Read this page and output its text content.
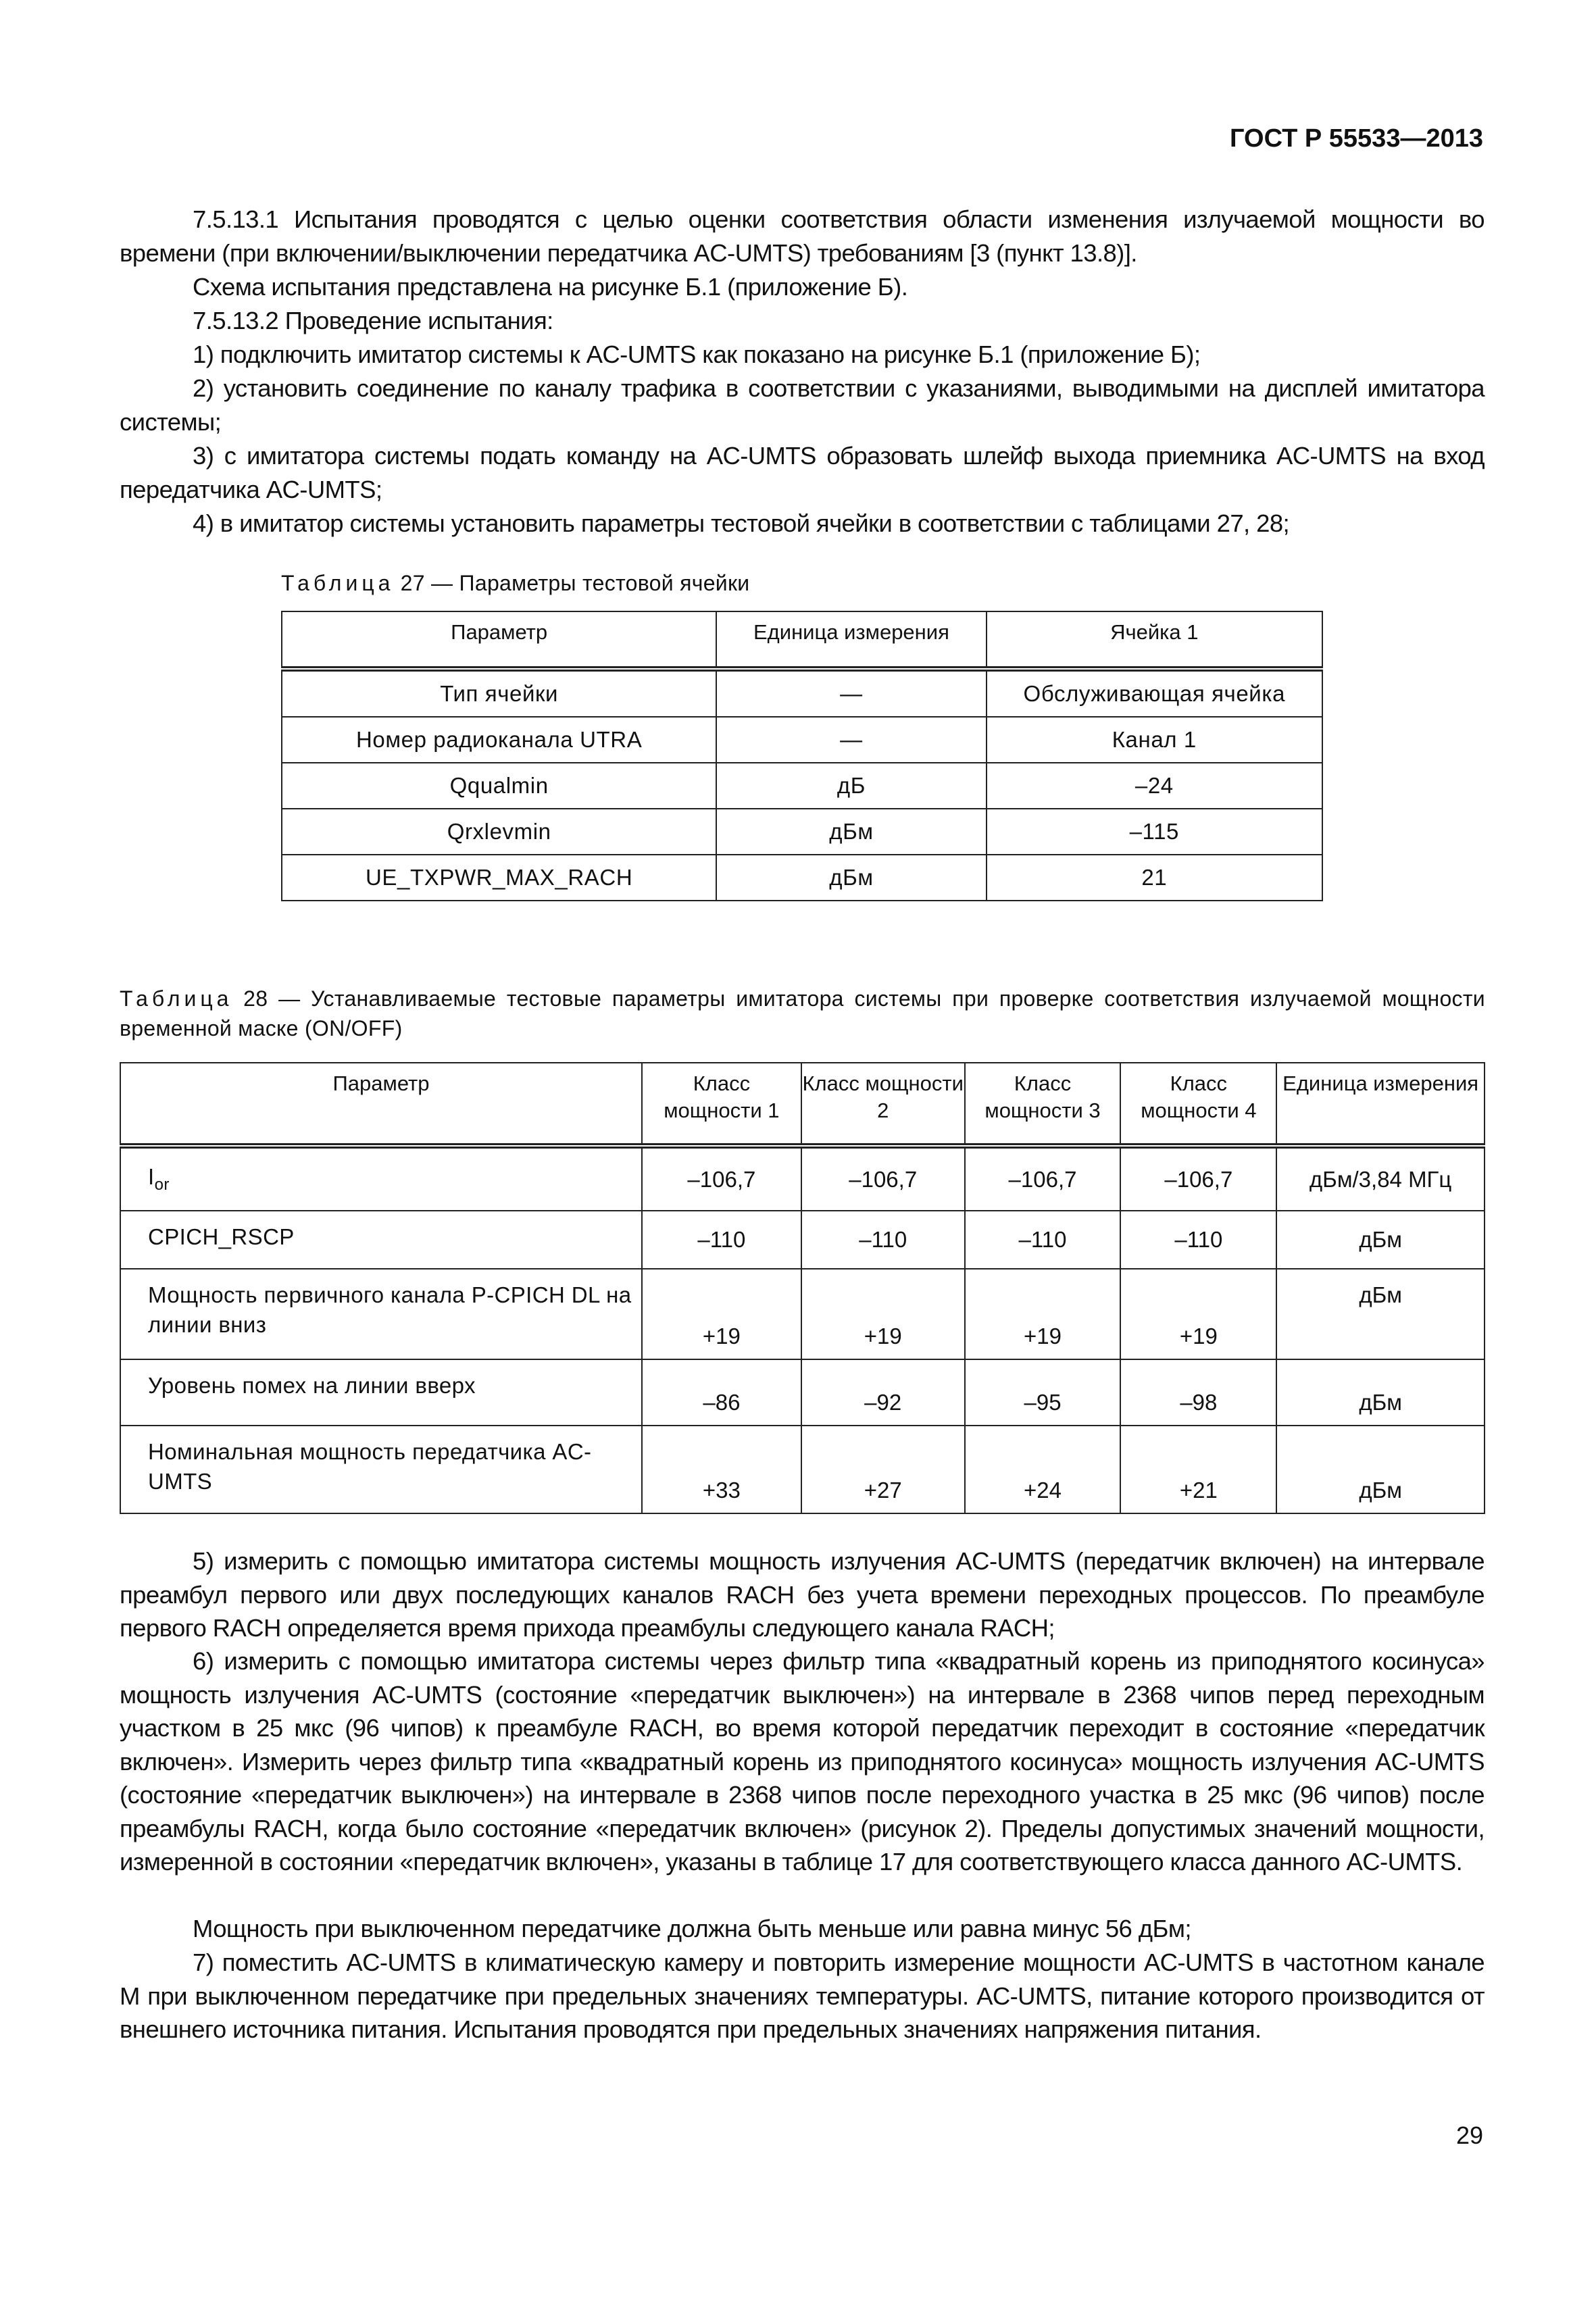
ГОСТ Р 55533—2013

7.5.13.1 Испытания проводятся с целью оценки соответствия области изменения излучаемой мощности во времени (при включении/выключении передатчика AC-UMTS) требованиям [3 (пункт 13.8)].

Схема испытания представлена на рисунке Б.1 (приложение Б).

7.5.13.2 Проведение испытания:

1) подключить имитатор системы к AC-UMTS как показано на рисунке Б.1 (приложение Б);

2) установить соединение по каналу трафика в соответствии с указаниями, выводимыми на дисплей имитатора системы;

3) с имитатора системы подать команду на AC-UMTS образовать шлейф выхода приемника AC-UMTS на вход передатчика AC-UMTS;

4) в имитатор системы установить параметры тестовой ячейки в соответствии с таблицами 27, 28;

Таблица 27 — Параметры тестовой ячейки

Параметр	Единица измерения	Ячейка 1
Тип ячейки	—	Обслуживающая ячейка
Номер радиоканала UTRA	—	Канал 1
Qqualmin	дБ	–24
Qrxlevmin	дБм	–115
UE_TXPWR_MAX_RACH	дБм	21

Таблица 28 — Устанавливаемые тестовые параметры имитатора системы при проверке соответствия излучаемой мощности временной маске (ON/OFF)

Параметр	Класс мощности 1	Класс мощности 2	Класс мощности 3	Класс мощности 4	Единица измерения
$I_{or}$	–106,7	–106,7	–106,7	–106,7	дБм/3,84 МГц
CPICH_RSCP	–110	–110	–110	–110	дБм
Мощность первичного канала P-CPICH DL на линии вниз	+19	+19	+19	+19	дБм
Уровень помех на линии вверх	–86	–92	–95	–98	дБм
Номинальная мощность передатчика AC-UMTS	+33	+27	+24	+21	дБм

5) измерить с помощью имитатора системы мощность излучения AC-UMTS (передатчик включен) на интервале преамбул первого или двух последующих каналов RACH без учета времени переходных процессов. По преамбуле первого RACH определяется время прихода преамбулы следующего канала RACH;

6) измерить с помощью имитатора системы через фильтр типа «квадратный корень из приподнятого косинуса» мощность излучения AC-UMTS (состояние «передатчик выключен») на интервале в 2368 чипов перед переходным участком в 25 мкс (96 чипов) к преамбуле RACH, во время которой передатчик переходит в состояние «передатчик включен». Измерить через фильтр типа «квадратный корень из приподнятого косинуса» мощность излучения AC-UMTS (состояние «передатчик выключен») на интервале в 2368 чипов после переходного участка в 25 мкс (96 чипов) после преамбулы RACH, когда было состояние «передатчик включен» (рисунок 2). Пределы допустимых значений мощности, измеренной в состоянии «передатчик включен», указаны в таблице 17 для соответствующего класса данного AC-UMTS.

Мощность при выключенном передатчике должна быть меньше или равна минус 56 дБм;

7) поместить AC-UMTS в климатическую камеру и повторить измерение мощности AC-UMTS в частотном канале M при выключенном передатчике при предельных значениях температуры. AC-UMTS, питание которого производится от внешнего источника питания. Испытания проводятся при предельных значениях напряжения питания.

29
